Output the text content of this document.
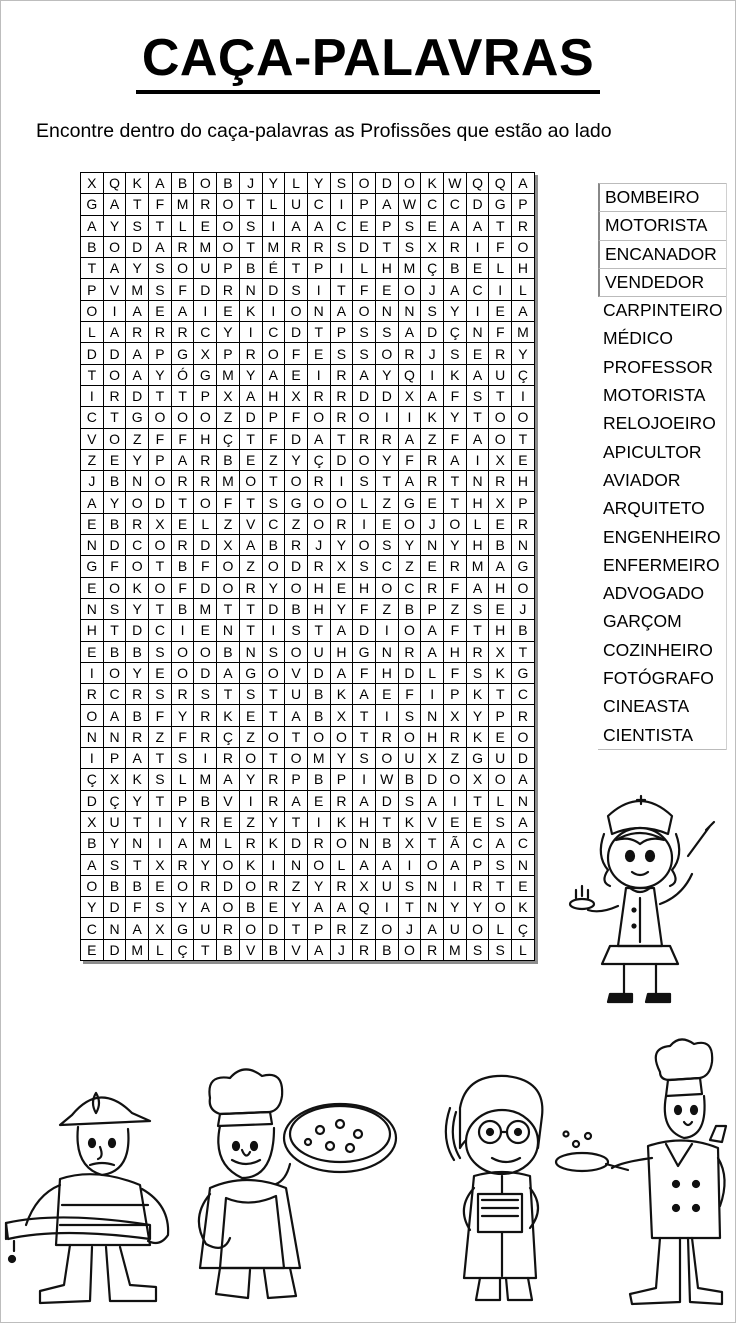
CAÇA-PALAVRAS
Encontre dentro do caça-palavras as Profissões que estão ao lado
X	Q	K	A	B	O	B	J	Y	L	Y	S	O	D	O	K	W	Q	Q	A
G	A	T	F	M	R	O	T	L	U	C	I	P	A	W	C	C	D	G	P
A	Y	S	T	L	E	O	S	I	A	A	C	E	P	S	E	A	A	T	R
B	O	D	A	R	M	O	T	M	R	R	S	D	T	S	X	R	I	F	O
T	A	Y	S	O	U	P	B	É	T	P	I	L	H	M	Ç	B	E	L	H
P	V	M	S	F	D	R	N	D	S	I	T	F	E	O	J	A	C	I	L
O	I	A	E	A	I	E	K	I	O	N	A	O	N	N	S	Y	I	E	A
L	A	R	R	R	C	Y	I	C	D	T	P	S	S	A	D	Ç	N	F	M
D	D	A	P	G	X	P	R	O	F	E	S	S	O	R	J	S	E	R	Y
T	O	A	Y	Ó	G	M	Y	A	E	I	R	A	Y	Q	I	K	A	U	Ç
I	R	D	T	T	P	X	A	H	X	R	R	D	D	X	A	F	S	T	I
C	T	G	O	O	O	Z	D	P	F	O	R	O	I	I	K	Y	T	O	O
V	O	Z	F	F	H	Ç	T	F	D	A	T	R	R	A	Z	F	A	O	T
Z	E	Y	P	A	R	B	E	Z	Y	Ç	D	O	Y	F	R	A	I	X	E
J	B	N	O	R	R	M	O	T	O	R	I	S	T	A	R	T	N	R	H
A	Y	O	D	T	O	F	T	S	G	O	O	L	Z	G	E	T	H	X	P
E	B	R	X	E	L	Z	V	C	Z	O	R	I	E	O	J	O	L	E	R
N	D	C	O	R	D	X	A	B	R	J	Y	O	S	Y	N	Y	H	B	N
G	F	O	T	B	F	O	Z	O	D	R	X	S	C	Z	E	R	M	A	G
E	O	K	O	F	D	O	R	Y	O	H	E	H	O	C	R	F	A	H	O
N	S	Y	T	B	M	T	T	D	B	H	Y	F	Z	B	P	Z	S	E	J
H	T	D	C	I	E	N	T	I	S	T	A	D	I	O	A	F	T	H	B
E	B	B	S	O	O	B	N	S	O	U	H	G	N	R	A	H	R	X	T
I	O	Y	E	O	D	A	G	O	V	D	A	F	H	D	L	F	S	K	G
R	C	R	S	R	S	T	S	T	U	B	K	A	E	F	I	P	K	T	C
O	A	B	F	Y	R	K	E	T	A	B	X	T	I	S	N	X	Y	P	R
N	N	R	Z	F	R	Ç	Z	O	T	O	O	T	R	O	H	R	K	E	O
I	P	A	T	S	I	R	O	T	O	M	Y	S	O	U	X	Z	G	U	D
Ç	X	K	S	L	M	A	Y	R	P	B	P	I	W	B	D	O	X	O	A
D	Ç	Y	T	P	B	V	I	R	A	E	R	A	D	S	A	I	T	L	N
X	U	T	I	Y	R	E	Z	Y	T	I	K	H	T	K	V	E	E	S	A
B	Y	N	I	A	M	L	R	K	D	R	O	N	B	X	T	Ã	C	A	C
A	S	T	X	R	Y	O	K	I	N	O	L	A	A	I	O	A	P	S	N
O	B	B	E	O	R	D	O	R	Z	Y	R	X	U	S	N	I	R	T	E
Y	D	F	S	Y	A	O	B	E	Y	A	A	Q	I	T	N	Y	Y	O	K
C	N	A	X	G	U	R	O	D	T	P	R	Z	O	J	A	U	O	L	Ç
E	D	M	L	Ç	T	B	V	B	V	A	J	R	B	O	R	M	S	S	L
BOMBEIRO
MOTORISTA
ENCANADOR
VENDEDOR
CARPINTEIRO
MÉDICO
PROFESSOR
MOTORISTA
RELOJOEIRO
APICULTOR
AVIADOR
ARQUITETO
ENGENHEIRO
ENFERMEIRO
ADVOGADO
GARÇOM
COZINHEIRO
FOTÓGRAFO
CINEASTA
CIENTISTA
